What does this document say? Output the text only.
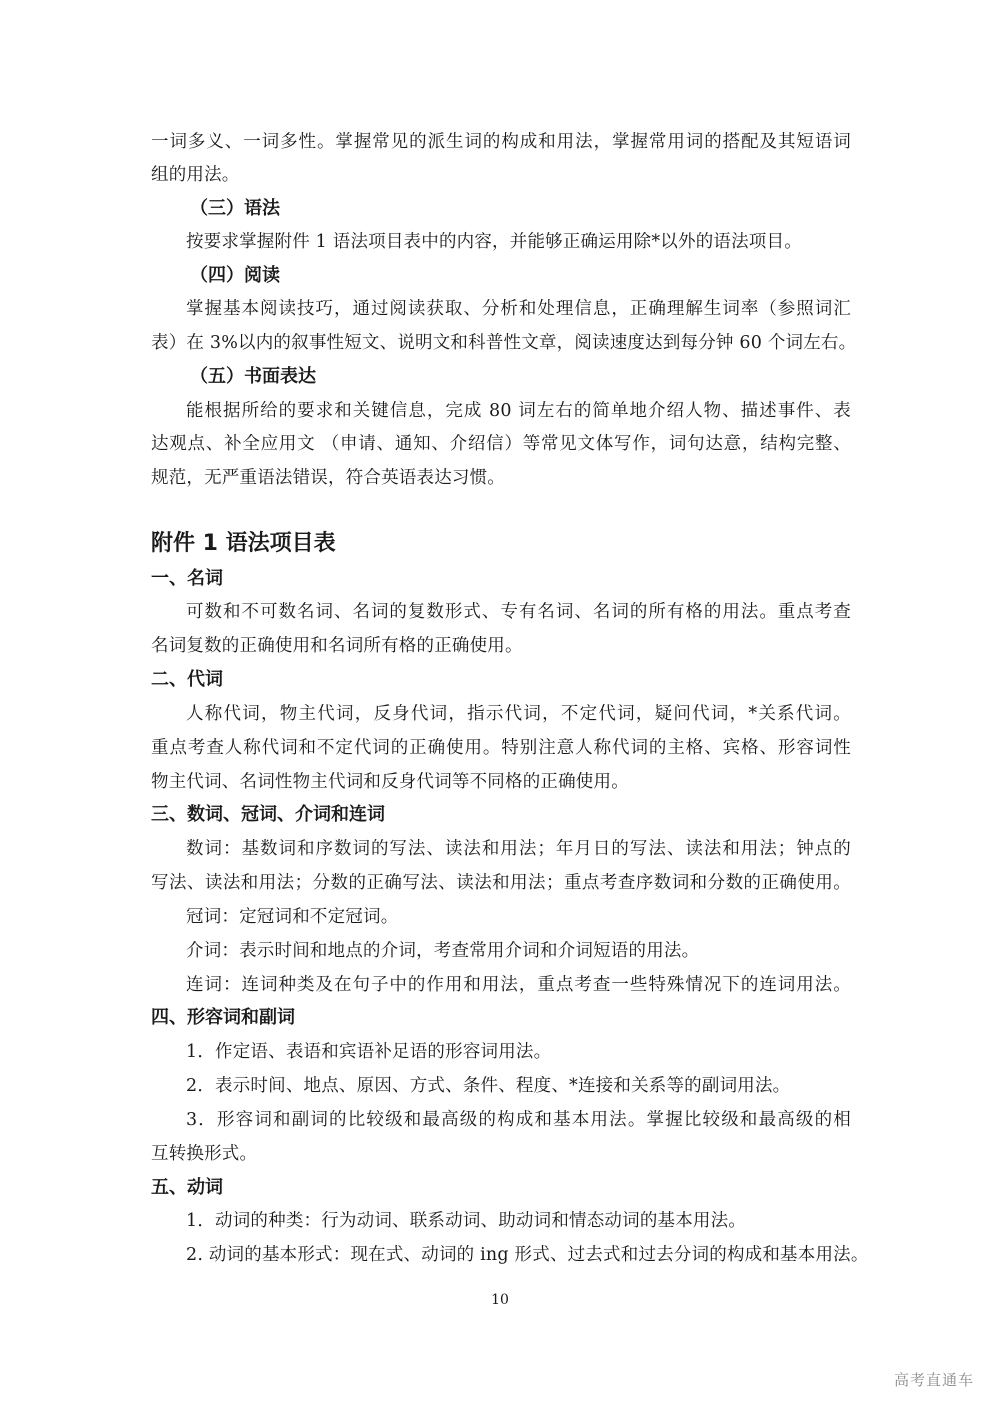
一词多义、一词多性。掌握常见的派生词的构成和用法，掌握常用词的搭配及其短语词
组的用法。
（三）语法
按要求掌握附件 1 语法项目表中的内容，并能够正确运用除*以外的语法项目。
（四）阅读
掌握基本阅读技巧，通过阅读获取、分析和处理信息，正确理解生词率（参照词汇
表）在 3%以内的叙事性短文、说明文和科普性文章，阅读速度达到每分钟 60 个词左右。
（五）书面表达
能根据所给的要求和关键信息，完成 80 词左右的简单地介绍人物、描述事件、表
达观点、补全应用文 （申请、通知、介绍信）等常见文体写作，词句达意，结构完整、
规范，无严重语法错误，符合英语表达习惯。
附件 1 语法项目表
一、名词
可数和不可数名词、名词的复数形式、专有名词、名词的所有格的用法。重点考查
名词复数的正确使用和名词所有格的正确使用。
二、代词
人称代词，物主代词，反身代词，指示代词，不定代词，疑问代词，*关系代词。
重点考查人称代词和不定代词的正确使用。特别注意人称代词的主格、宾格、形容词性
物主代词、名词性物主代词和反身代词等不同格的正确使用。
三、数词、冠词、介词和连词
数词：基数词和序数词的写法、读法和用法；年月日的写法、读法和用法；钟点的
写法、读法和用法；分数的正确写法、读法和用法；重点考查序数词和分数的正确使用。
冠词：定冠词和不定冠词。
介词：表示时间和地点的介词，考查常用介词和介词短语的用法。
连词：连词种类及在句子中的作用和用法，重点考查一些特殊情况下的连词用法。
四、形容词和副词
1．作定语、表语和宾语补足语的形容词用法。
2．表示时间、地点、原因、方式、条件、程度、*连接和关系等的副词用法。
3．形容词和副词的比较级和最高级的构成和基本用法。掌握比较级和最高级的相
互转换形式。
五、动词
1．动词的种类：行为动词、联系动词、助动词和情态动词的基本用法。
2. 动词的基本形式：现在式、动词的 ing 形式、过去式和过去分词的构成和基本用法。
10
高考直通车
